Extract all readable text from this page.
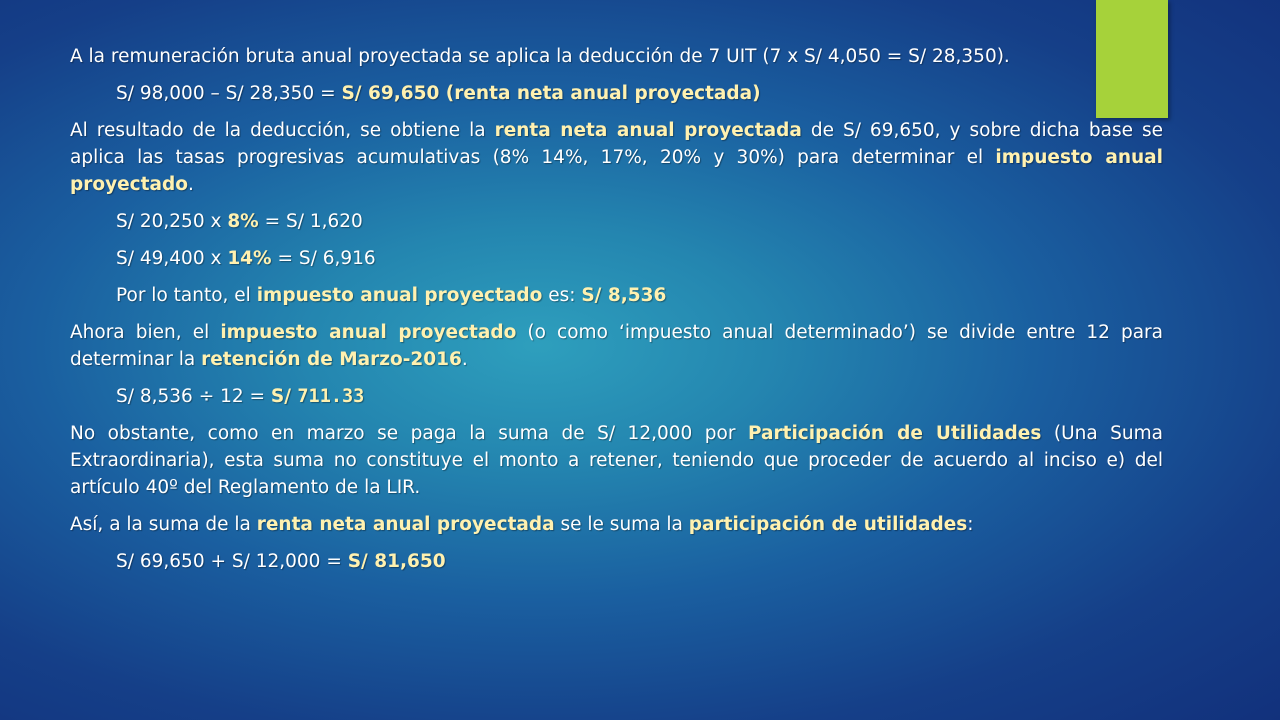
A la remuneración bruta anual proyectada se aplica la deducción de 7 UIT (7 x S/ 4,050 = S/ 28,350).

S/ 98,000 – S/ 28,350 = S/ 69,650 (renta neta anual proyectada)

Al resultado de la deducción, se obtiene la renta neta anual proyectada de S/ 69,650, y sobre dicha base se aplica las tasas progresivas acumulativas (8% 14%, 17%, 20% y 30%) para determinar el impuesto anual proyectado.

S/ 20,250 x 8% = S/ 1,620

S/ 49,400 x 14% = S/ 6,916

Por lo tanto, el impuesto anual proyectado es: S/ 8,536

Ahora bien, el impuesto anual proyectado (o como ‘impuesto anual determinado’) se divide entre 12 para determinar la retención de Marzo-2016.

S/ 8,536 ÷ 12 = S/ 711.33

No obstante, como en marzo se paga la suma de S/ 12,000 por Participación de Utilidades (Una Suma Extraordinaria), esta suma no constituye el monto a retener, teniendo que proceder de acuerdo al inciso e) del artículo 40º del Reglamento de la LIR.

Así, a la suma de la renta neta anual proyectada se le suma la participación de utilidades:

S/ 69,650 + S/ 12,000 = S/ 81,650
